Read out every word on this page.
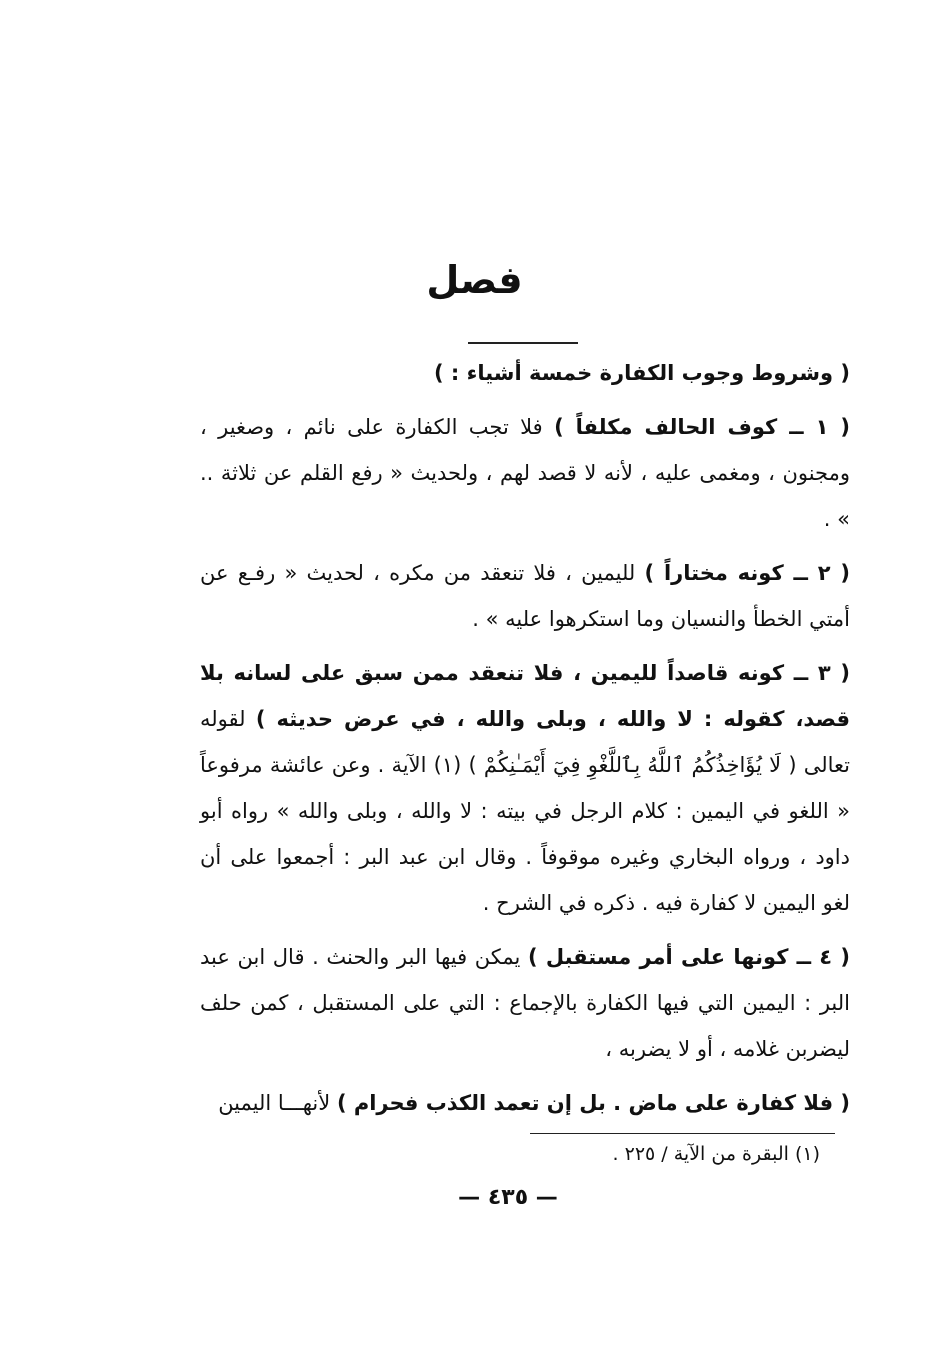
فصل

( وشروط وجوب الكفارة خمسة أشياء : )

( ١ ــ كوف الحالف مكلفاً ) فلا تجب الكفارة على نائم ، وصغير ، ومجنون ، ومغمى عليه ، لأنه لا قصد لهم ، ولحديث « رفع القلم عن ثلاثة .. » .

( ٢ ــ كونه مختاراً ) لليمين ، فلا تنعقد من مكره ، لحديث « رفـع عن أمتي الخطأ والنسيان وما استكرهوا عليه » .

( ٣ ــ كونه قاصداً لليمين ، فلا تنعقد ممن سبق على لسانه بلا قصد، كقوله : لا والله ، وبلى والله ، في عرض حديثه ) لقوله تعالى ( لَا يُؤَاخِذُكُمُ ٱللَّهُ بِٱللَّغْوِ فِيٓ أَيْمَـٰنِكُمْ ) (١) الآية . وعن عائشة مرفوعاً « اللغو في اليمين : كلام الرجل في بيته : لا والله ، وبلى والله » رواه أبو داود ، ورواه البخاري وغيره موقوفاً . وقال ابن عبد البر : أجمعوا على أن لغو اليمين لا كفارة فيه . ذكره في الشرح .

( ٤ ــ كونها على أمر مستقبل ) يمكن فيها البر والحنث . قال ابن عبد البر : اليمين التي فيها الكفارة بالإجماع : التي على المستقبل ، كمن حلف ليضربن غلامه ، أو لا يضربه ،

( فلا كفارة على ماض . بل إن تعمد الكذب فحرام ) لأنهـــا اليمين

(١) البقرة من الآية / ٢٢٥ .
— ٤٣٥ —
